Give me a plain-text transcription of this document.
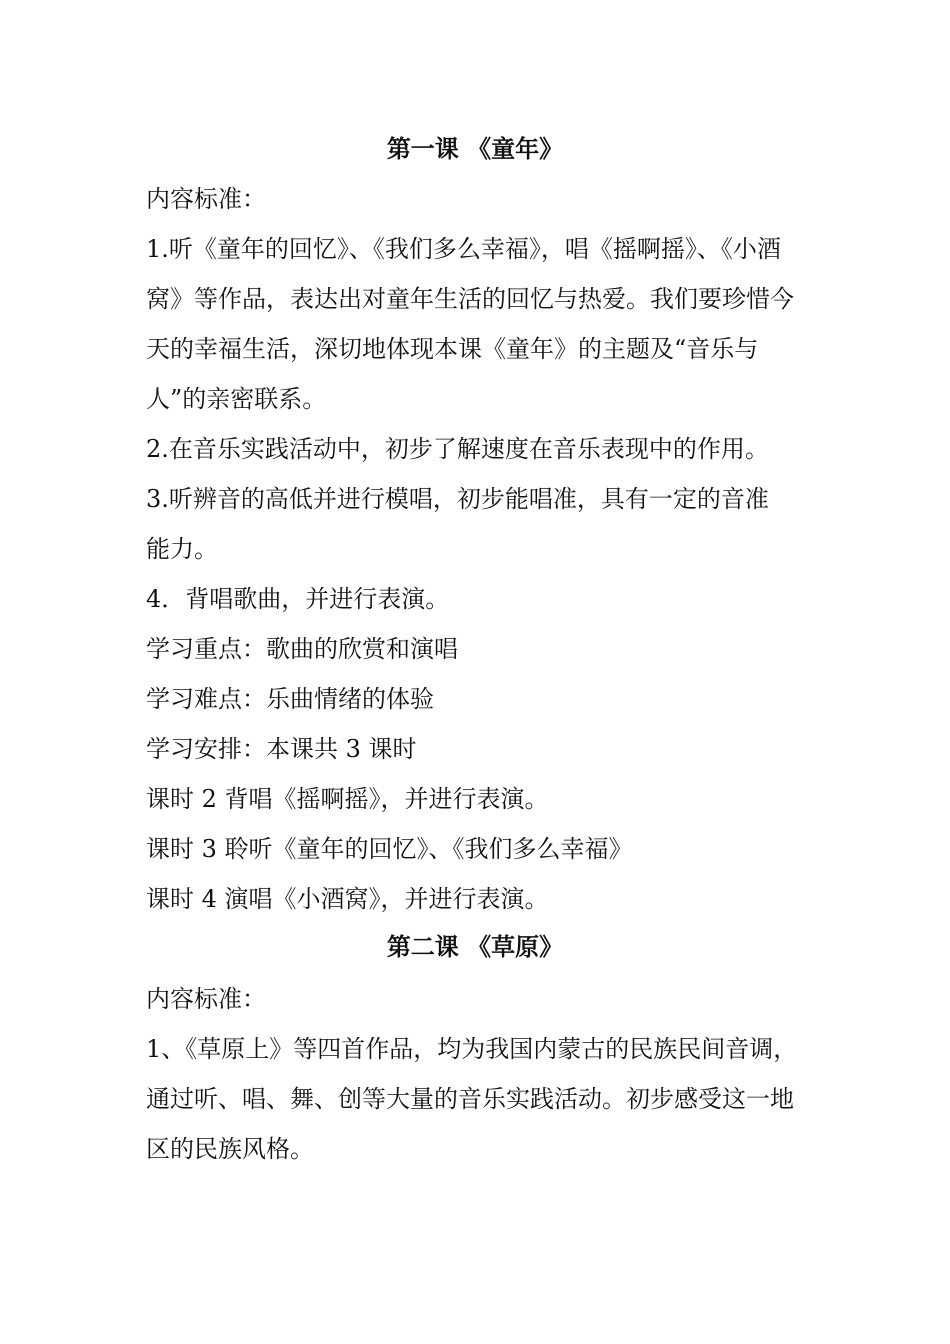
第一课 《童年》
内容标准：
1.听《童年的回忆》、《我们多么幸福》，唱《摇啊摇》、《小酒
窝》等作品，表达出对童年生活的回忆与热爱。我们要珍惜今
天的幸福生活，深切地体现本课《童年》的主题及“音乐与
人”的亲密联系。
2.在音乐实践活动中，初步了解速度在音乐表现中的作用。
3.听辨音的高低并进行模唱，初步能唱准，具有一定的音准
能力。
4．背唱歌曲，并进行表演。
学习重点：歌曲的欣赏和演唱
学习难点：乐曲情绪的体验
学习安排：本课共 3 课时
课时 2 背唱《摇啊摇》，并进行表演。
课时 3 聆听《童年的回忆》、《我们多么幸福》
课时 4 演唱《小酒窝》，并进行表演。
第二课 《草原》
内容标准：
1、《草原上》等四首作品，均为我国内蒙古的民族民间音调，
通过听、唱、舞、创等大量的音乐实践活动。初步感受这一地
区的民族风格。
